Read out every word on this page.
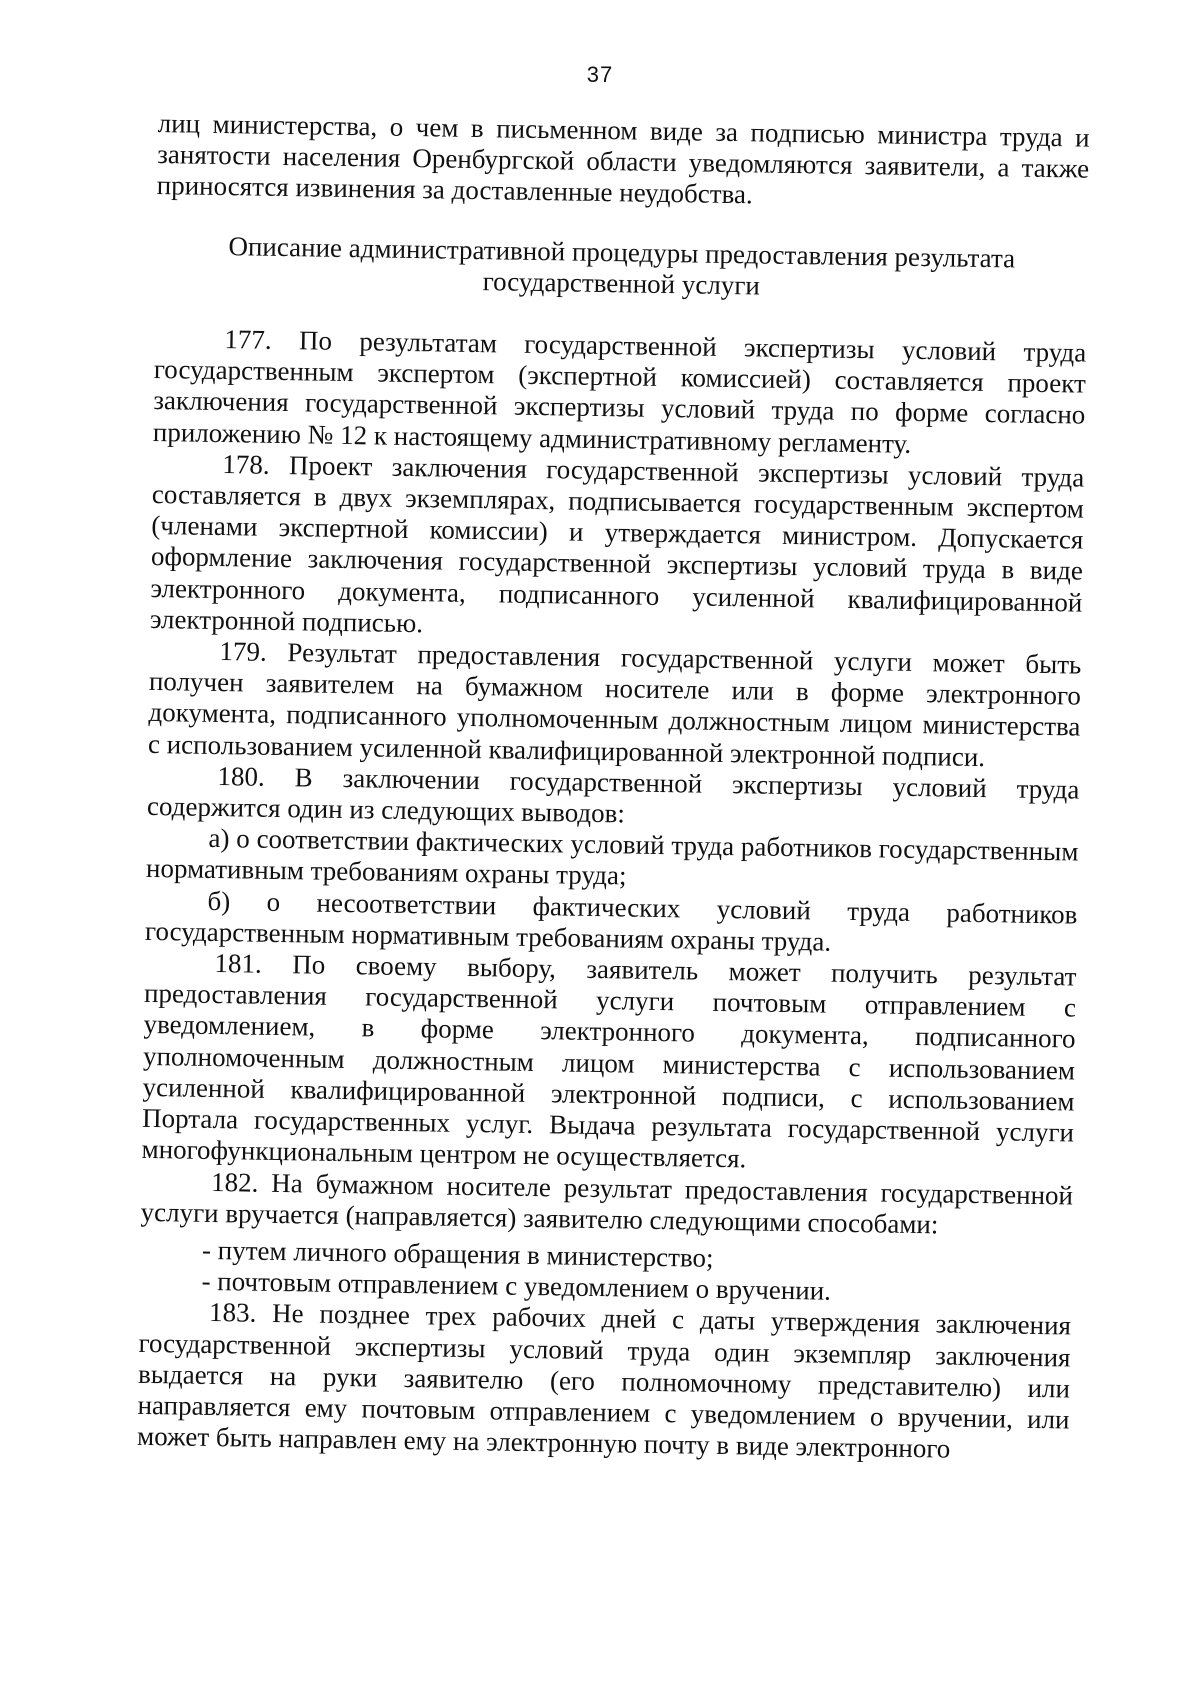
37

лиц министерства, о чем в письменном виде за подписью министра труда и занятости населения Оренбургской области уведомляются заявители, а также приносятся извинения за доставленные неудобства.

Описание административной процедуры предоставления результата

государственной услуги

177. По результатам государственной экспертизы условий труда государственным экспертом (экспертной комиссией) составляется проект заключения государственной экспертизы условий труда по форме согласно приложению № 12 к настоящему административному регламенту.

178. Проект заключения государственной экспертизы условий труда составляется в двух экземплярах, подписывается государственным экспертом (членами экспертной комиссии) и утверждается министром. Допускается оформление заключения государственной экспертизы условий труда в виде электронного документа, подписанного усиленной квалифицированной электронной подписью.

179. Результат предоставления государственной услуги может быть получен заявителем на бумажном носителе или в форме электронного документа, подписанного уполномоченным должностным лицом министерства с использованием усиленной квалифицированной электронной подписи.

180. В заключении государственной экспертизы условий труда содержится один из следующих выводов:

а) о соответствии фактических условий труда работников государственным нормативным требованиям охраны труда;

б) о несоответствии фактических условий труда работников государственным нормативным требованиям охраны труда.

181. По своему выбору, заявитель может получить результат предоставления государственной услуги почтовым отправлением с уведомлением, в форме электронного документа, подписанного уполномоченным должностным лицом министерства с использованием усиленной квалифицированной электронной подписи, с использованием Портала государственных услуг. Выдача результата государственной услуги многофункциональным центром не осуществляется.

182. На бумажном носителе результат предоставления государственной услуги вручается (направляется) заявителю следующими способами:

- путем личного обращения в министерство;

- почтовым отправлением с уведомлением о вручении.

183. Не позднее трех рабочих дней с даты утверждения заключения государственной экспертизы условий труда один экземпляр заключения выдается на руки заявителю (его полномочному представителю) или направляется ему почтовым отправлением с уведомлением о вручении, или может быть направлен ему на электронную почту в виде электронного
